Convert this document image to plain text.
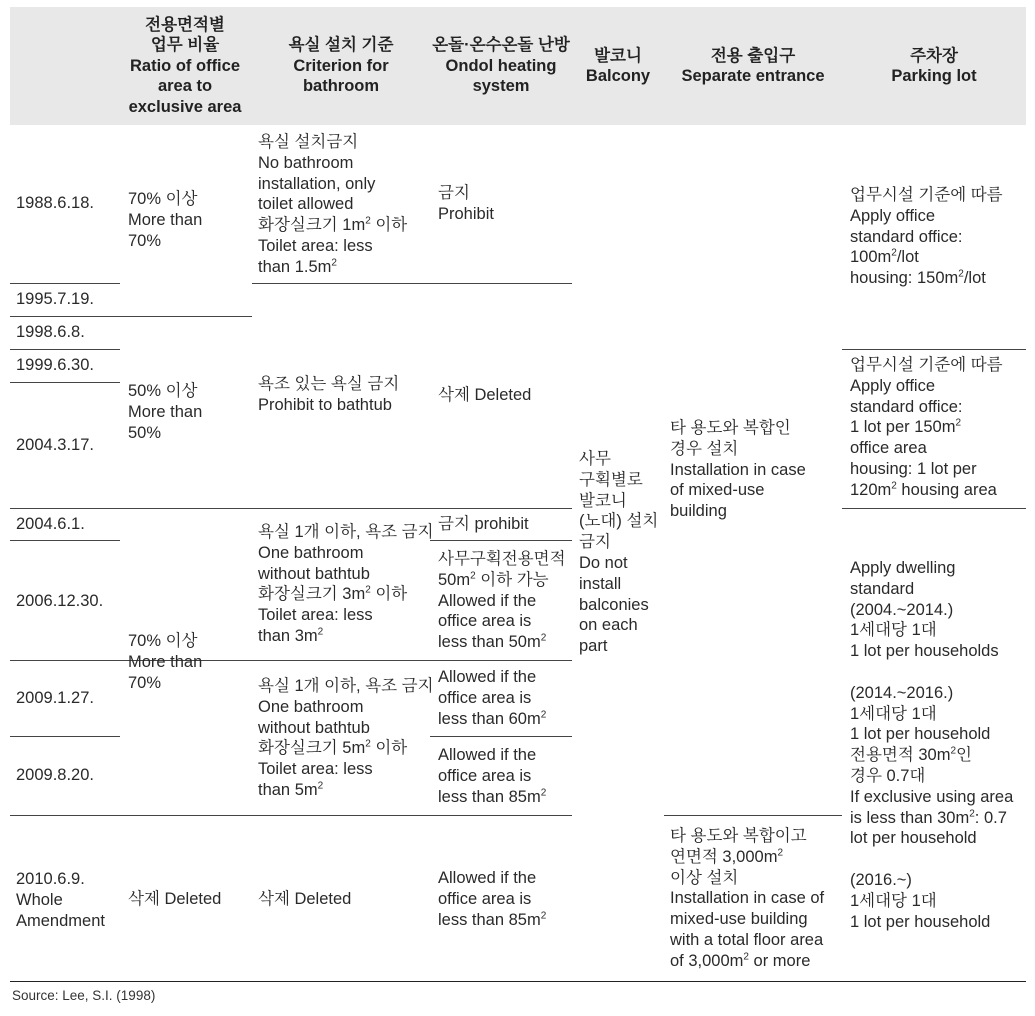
전용면적별
업무 비율
Ratio of office
area to
exclusive area
욕실 설치 기준
Criterion for
bathroom
온돌·온수온돌 난방
Ondol heating
system
발코니
Balcony
전용 출입구
Separate entrance
주차장
Parking lot
1988.6.18.
1995.7.19.
1998.6.8.
1999.6.30.
2004.3.17.
2004.6.1.
2006.12.30.
2009.1.27.
2009.8.20.
2010.6.9.
Whole
Amendment
70% 이상
More than
70%
50% 이상
More than
50%
70% 이상
More than
70%
삭제 Deleted
욕실 설치금지
No bathroom
installation, only
toilet allowed
화장실크기 $1m^2$ 이하
Toilet area: less
than $1.5m^2$
욕조 있는 욕실 금지
Prohibit to bathtub
욕실 1개 이하, 욕조 금지
One bathroom
without bathtub
화장실크기 $3m^2$ 이하
Toilet area: less
than $3m^2$
욕실 1개 이하, 욕조 금지
One bathroom
without bathtub
화장실크기 $5m^2$ 이하
Toilet area: less
than $5m^2$
삭제 Deleted
금지
Prohibit
삭제 Deleted
금지 prohibit
사무구획전용면적
$50m^2$ 이하 가능
Allowed if the
office area is
less than $50m^2$
Allowed if the
office area is
less than $60m^2$
Allowed if the
office area is
less than $85m^2$
Allowed if the
office area is
less than $85m^2$
사무
구획별로
발코니
(노대) 설치
금지
Do not
install
balconies
on each
part
타 용도와 복합인
경우 설치
Installation in case
of mixed-use
building
타 용도와 복합이고
연면적 $3,000m^2$
이상 설치
Installation in case of
mixed-use building
with a total floor area
of $3,000m^2$ or more
업무시설 기준에 따름
Apply office
standard office:
$100m^2$/lot
housing: $150m^2$/lot
업무시설 기준에 따름
Apply office
standard office:
1 lot per $150m^2$
office area
housing: 1 lot per
$120m^2$ housing area
Apply dwelling
standard
(2004.~2014.)
1세대당 1대
1 lot per households
(2014.~2016.)
1세대당 1대
1 lot per household
전용면적 $30m^2$인
경우 0.7대
If exclusive using area
is less than $30m^2$: 0.7
lot per household
(2016.~)
1세대당 1대
1 lot per household
Source: Lee, S.I. (1998)
